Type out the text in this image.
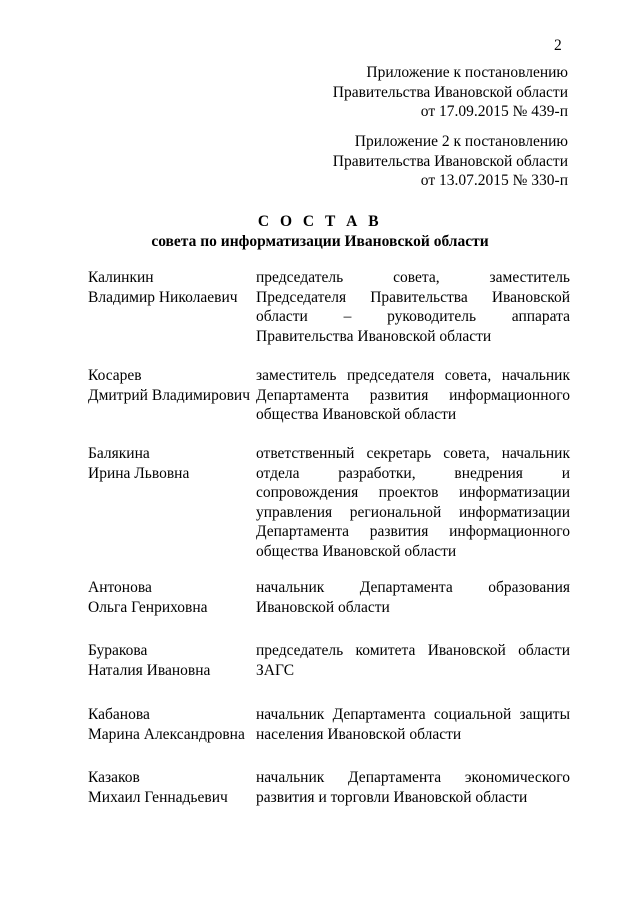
2
Приложение к постановлению
Правительства Ивановской области
от 17.09.2015 № 439-п
Приложение 2 к постановлению
Правительства Ивановской области
от 13.07.2015 № 330-п
С О С Т А В
совета по информатизации Ивановской области
Калинкин
Владимир Николаевич
председатель совета, заместитель Председателя Правительства Ивановской области – руководитель аппарата Правительства Ивановской области
Косарев
Дмитрий Владимирович
заместитель председателя совета, начальник Департамента развития информационного общества Ивановской области
Балякина
Ирина Львовна
ответственный секретарь совета, начальник отдела разработки, внедрения и сопровождения проектов информатизации управления региональной информатизации Департамента развития информационного общества Ивановской области
Антонова
Ольга Генриховна
начальник Департамента образования Ивановской области
Буракова
Наталия Ивановна
председатель комитета Ивановской области ЗАГС
Кабанова
Марина Александровна
начальник Департамента социальной защиты населения Ивановской области
Казаков
Михаил Геннадьевич
начальник Департамента экономического развития и торговли Ивановской области
